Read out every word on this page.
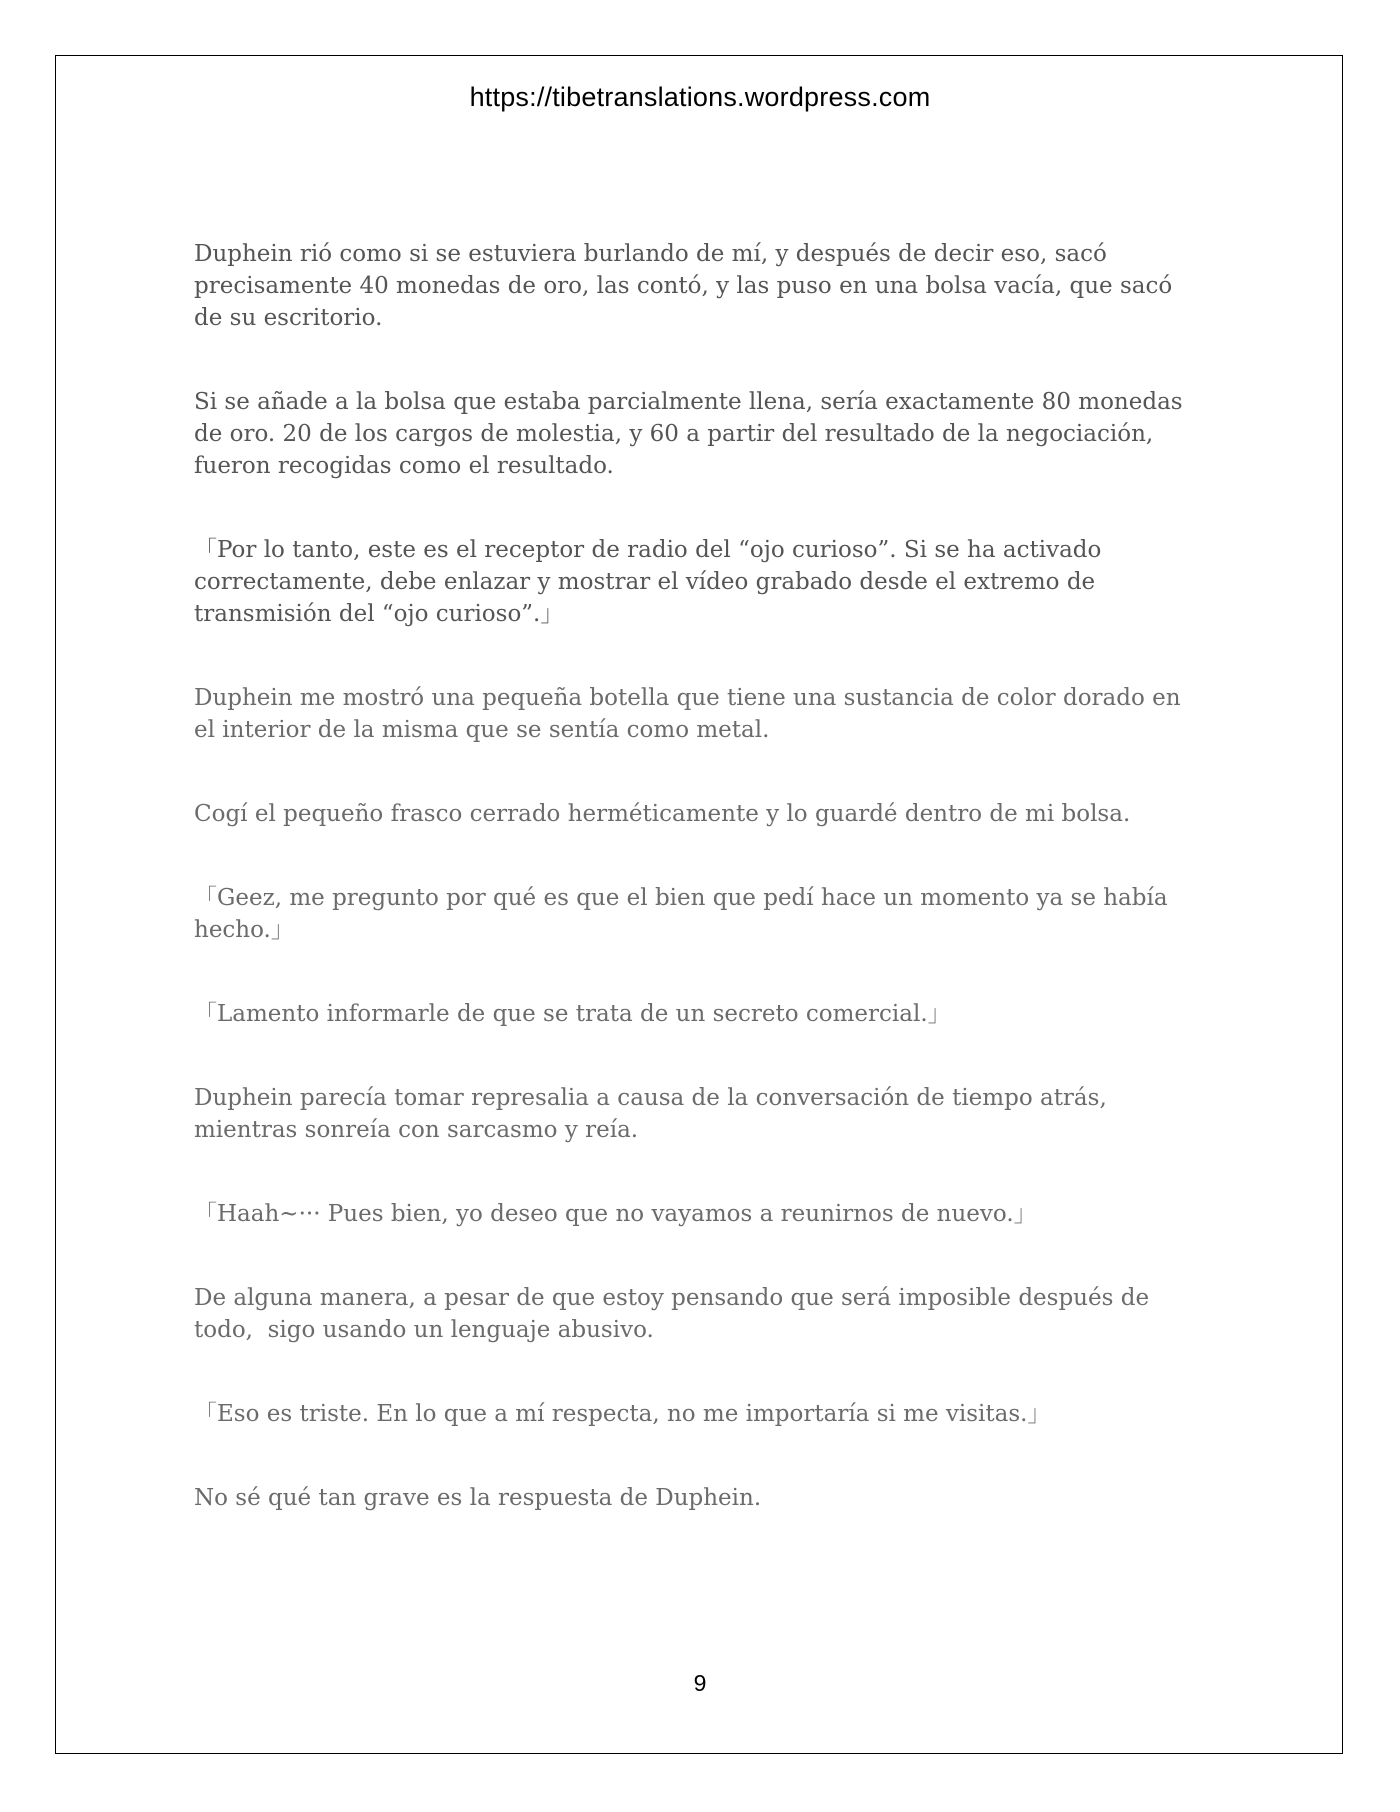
https://tibetranslations.wordpress.com

Duphein rió como si se estuviera burlando de mí, y después de decir eso, sacó precisamente 40 monedas de oro, las contó, y las puso en una bolsa vacía, que sacó de su escritorio.

Si se añade a la bolsa que estaba parcialmente llena, sería exactamente 80 monedas de oro. 20 de los cargos de molestia, y 60 a partir del resultado de la negociación, fueron recogidas como el resultado.

「Por lo tanto, este es el receptor de radio del “ojo curioso”. Si se ha activado correctamente, debe enlazar y mostrar el vídeo grabado desde el extremo de transmisión del “ojo curioso”.」

Duphein me mostró una pequeña botella que tiene una sustancia de color dorado en el interior de la misma que se sentía como metal.

Cogí el pequeño frasco cerrado herméticamente y lo guardé dentro de mi bolsa.

「Geez, me pregunto por qué es que el bien que pedí hace un momento ya se había hecho.」

「Lamento informarle de que se trata de un secreto comercial.」

Duphein parecía tomar represalia a causa de la conversación de tiempo atrás, mientras sonreía con sarcasmo y reía.

「Haah~··· Pues bien, yo deseo que no vayamos a reunirnos de nuevo.」

De alguna manera, a pesar de que estoy pensando que será imposible después de todo,  sigo usando un lenguaje abusivo.

「Eso es triste. En lo que a mí respecta, no me importaría si me visitas.」

No sé qué tan grave es la respuesta de Duphein.

9
